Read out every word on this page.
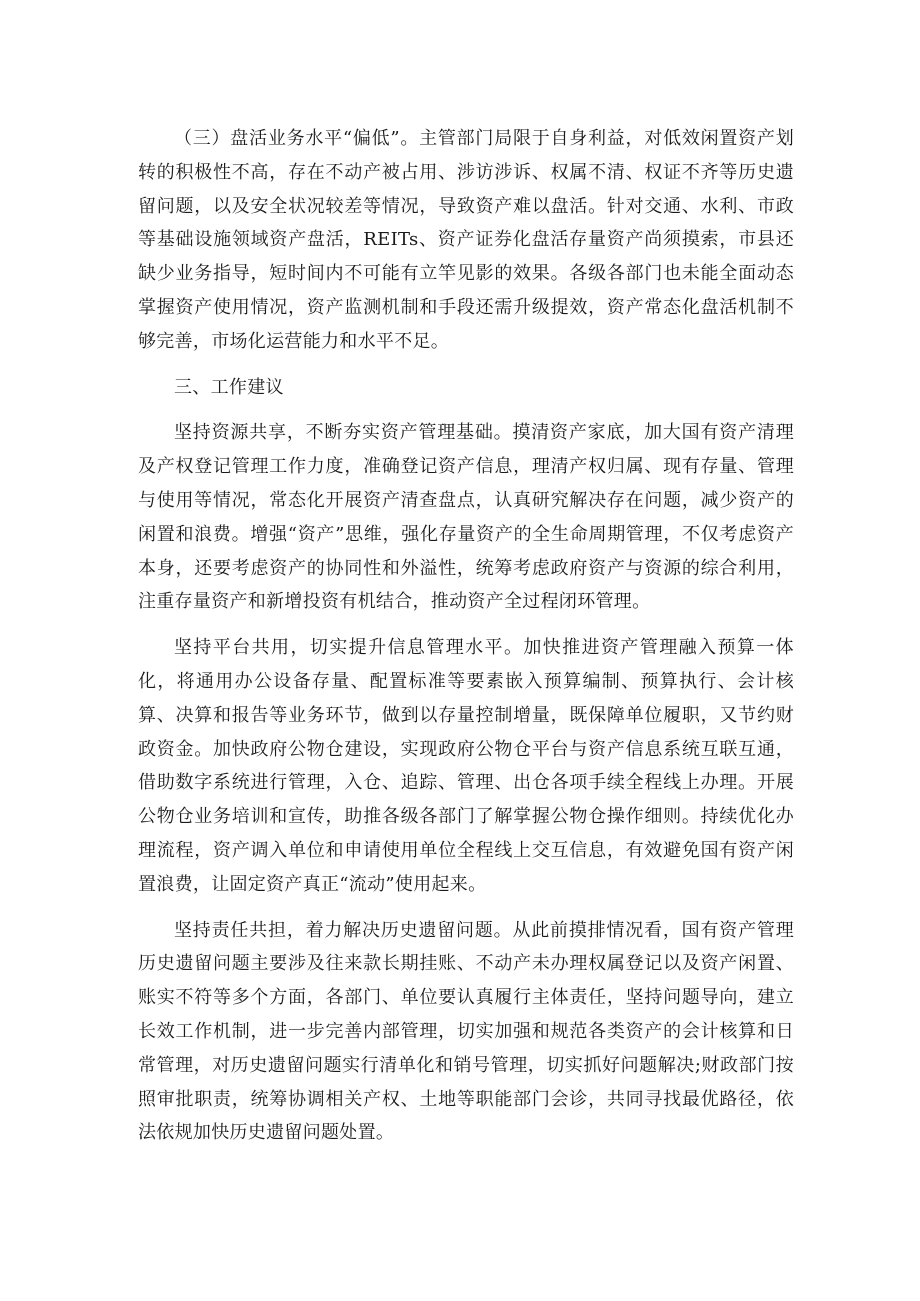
（三）盘活业务水平“偏低”。主管部门局限于自身利益，对低效闲置资产划转的积极性不高，存在不动产被占用、涉访涉诉、权属不清、权证不齐等历史遗留问题，以及安全状况较差等情况，导致资产难以盘活。针对交通、水利、市政等基础设施领域资产盘活，REITs、资产证券化盘活存量资产尚须摸索，市县还缺少业务指导，短时间内不可能有立竿见影的效果。各级各部门也未能全面动态掌握资产使用情况，资产监测机制和手段还需升级提效，资产常态化盘活机制不够完善，市场化运营能力和水平不足。

三、工作建议

坚持资源共享，不断夯实资产管理基础。摸清资产家底，加大国有资产清理及产权登记管理工作力度，准确登记资产信息，理清产权归属、现有存量、管理与使用等情况，常态化开展资产清查盘点，认真研究解决存在问题，减少资产的闲置和浪费。增强“资产”思维，强化存量资产的全生命周期管理，不仅考虑资产本身，还要考虑资产的协同性和外溢性，统筹考虑政府资产与资源的综合利用，注重存量资产和新增投资有机结合，推动资产全过程闭环管理。

坚持平台共用，切实提升信息管理水平。加快推进资产管理融入预算一体化，将通用办公设备存量、配置标准等要素嵌入预算编制、预算执行、会计核算、决算和报告等业务环节，做到以存量控制增量，既保障单位履职，又节约财政资金。加快政府公物仓建设，实现政府公物仓平台与资产信息系统互联互通，借助数字系统进行管理，入仓、追踪、管理、出仓各项手续全程线上办理。开展公物仓业务培训和宣传，助推各级各部门了解掌握公物仓操作细则。持续优化办理流程，资产调入单位和申请使用单位全程线上交互信息，有效避免国有资产闲置浪费，让固定资产真正“流动”使用起来。

坚持责任共担，着力解决历史遗留问题。从此前摸排情况看，国有资产管理历史遗留问题主要涉及往来款长期挂账、不动产未办理权属登记以及资产闲置、账实不符等多个方面，各部门、单位要认真履行主体责任，坚持问题导向，建立长效工作机制，进一步完善内部管理，切实加强和规范各类资产的会计核算和日常管理，对历史遗留问题实行清单化和销号管理，切实抓好问题解决;财政部门按照审批职责，统筹协调相关产权、土地等职能部门会诊，共同寻找最优路径，依法依规加快历史遗留问题处置。
